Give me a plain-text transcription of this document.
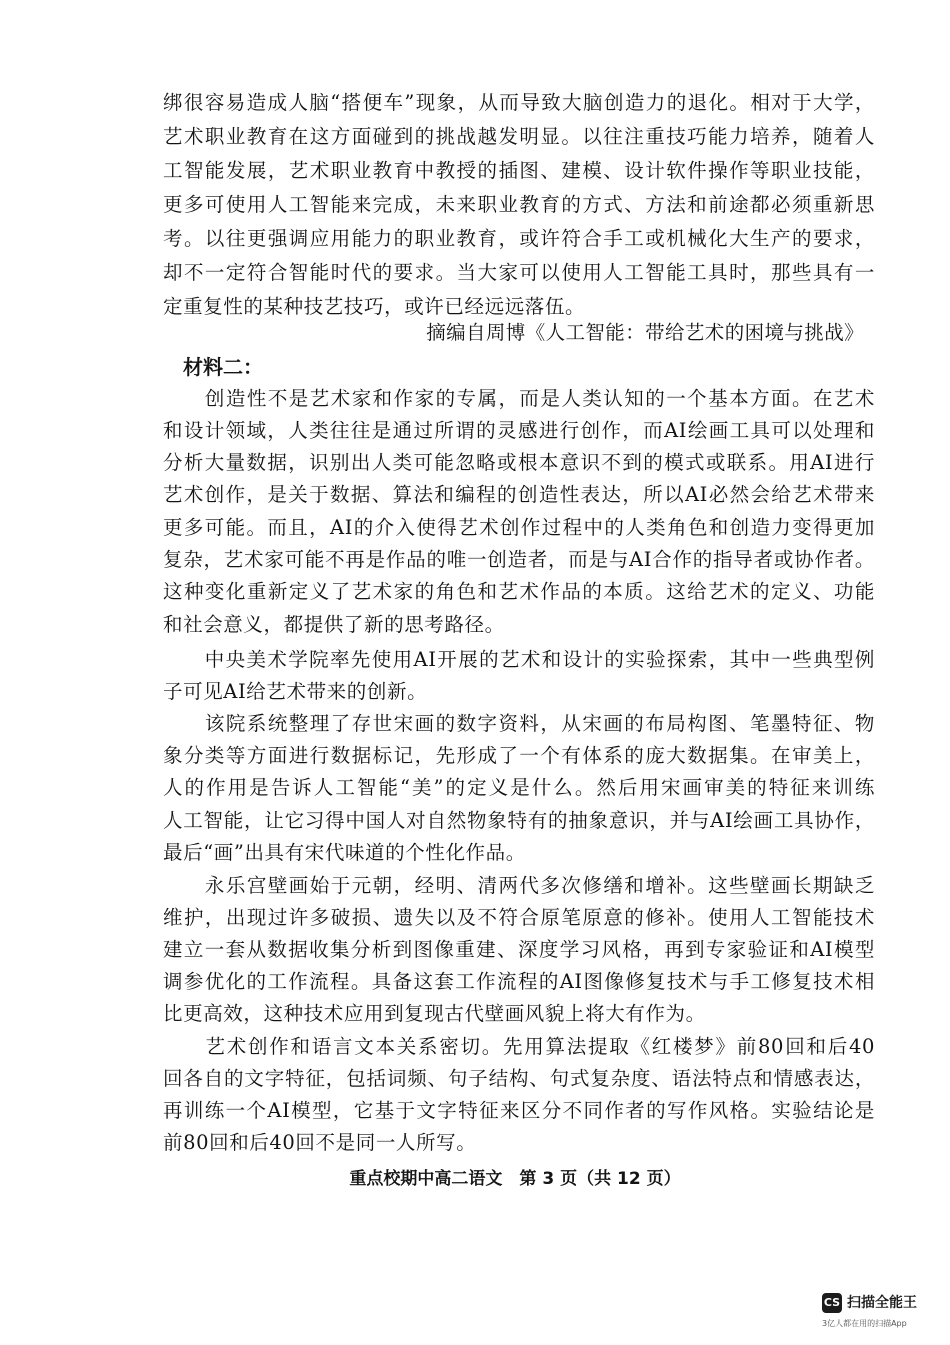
绑很容易造成人脑“搭便车”现象，从而导致大脑创造力的退化。相对于大学，
艺术职业教育在这方面碰到的挑战越发明显。以往注重技巧能力培养，随着人
工智能发展，艺术职业教育中教授的插图、建模、设计软件操作等职业技能，
更多可使用人工智能来完成，未来职业教育的方式、方法和前途都必须重新思
考。以往更强调应用能力的职业教育，或许符合手工或机械化大生产的要求，
却不一定符合智能时代的要求。当大家可以使用人工智能工具时，那些具有一
定重复性的某种技艺技巧，或许已经远远落伍。
摘编自周博《人工智能：带给艺术的困境与挑战》
材料二：
　　创造性不是艺术家和作家的专属，而是人类认知的一个基本方面。在艺术
和设计领域，人类往往是通过所谓的灵感进行创作，而AI绘画工具可以处理和
分析大量数据，识别出人类可能忽略或根本意识不到的模式或联系。用AI进行
艺术创作，是关于数据、算法和编程的创造性表达，所以AI必然会给艺术带来
更多可能。而且，AI的介入使得艺术创作过程中的人类角色和创造力变得更加
复杂，艺术家可能不再是作品的唯一创造者，而是与AI合作的指导者或协作者。
这种变化重新定义了艺术家的角色和艺术作品的本质。这给艺术的定义、功能
和社会意义，都提供了新的思考路径。
　　中央美术学院率先使用AI开展的艺术和设计的实验探索，其中一些典型例
子可见AI给艺术带来的创新。
　　该院系统整理了存世宋画的数字资料，从宋画的布局构图、笔墨特征、物
象分类等方面进行数据标记，先形成了一个有体系的庞大数据集。在审美上，
人的作用是告诉人工智能“美”的定义是什么。然后用宋画审美的特征来训练
人工智能，让它习得中国人对自然物象特有的抽象意识，并与AI绘画工具协作，
最后“画”出具有宋代味道的个性化作品。
　　永乐宫壁画始于元朝，经明、清两代多次修缮和增补。这些壁画长期缺乏
维护，出现过许多破损、遗失以及不符合原笔原意的修补。使用人工智能技术
建立一套从数据收集分析到图像重建、深度学习风格，再到专家验证和AI模型
调参优化的工作流程。具备这套工作流程的AI图像修复技术与手工修复技术相
比更高效，这种技术应用到复现古代壁画风貌上将大有作为。
　　艺术创作和语言文本关系密切。先用算法提取《红楼梦》前80回和后40
回各自的文字特征，包括词频、句子结构、句式复杂度、语法特点和情感表达，
再训练一个AI模型，它基于文字特征来区分不同作者的写作风格。实验结论是
前80回和后40回不是同一人所写。
重点校期中高二语文　第 3 页（共 12 页）
CS 扫描全能王
3亿人都在用的扫描App
